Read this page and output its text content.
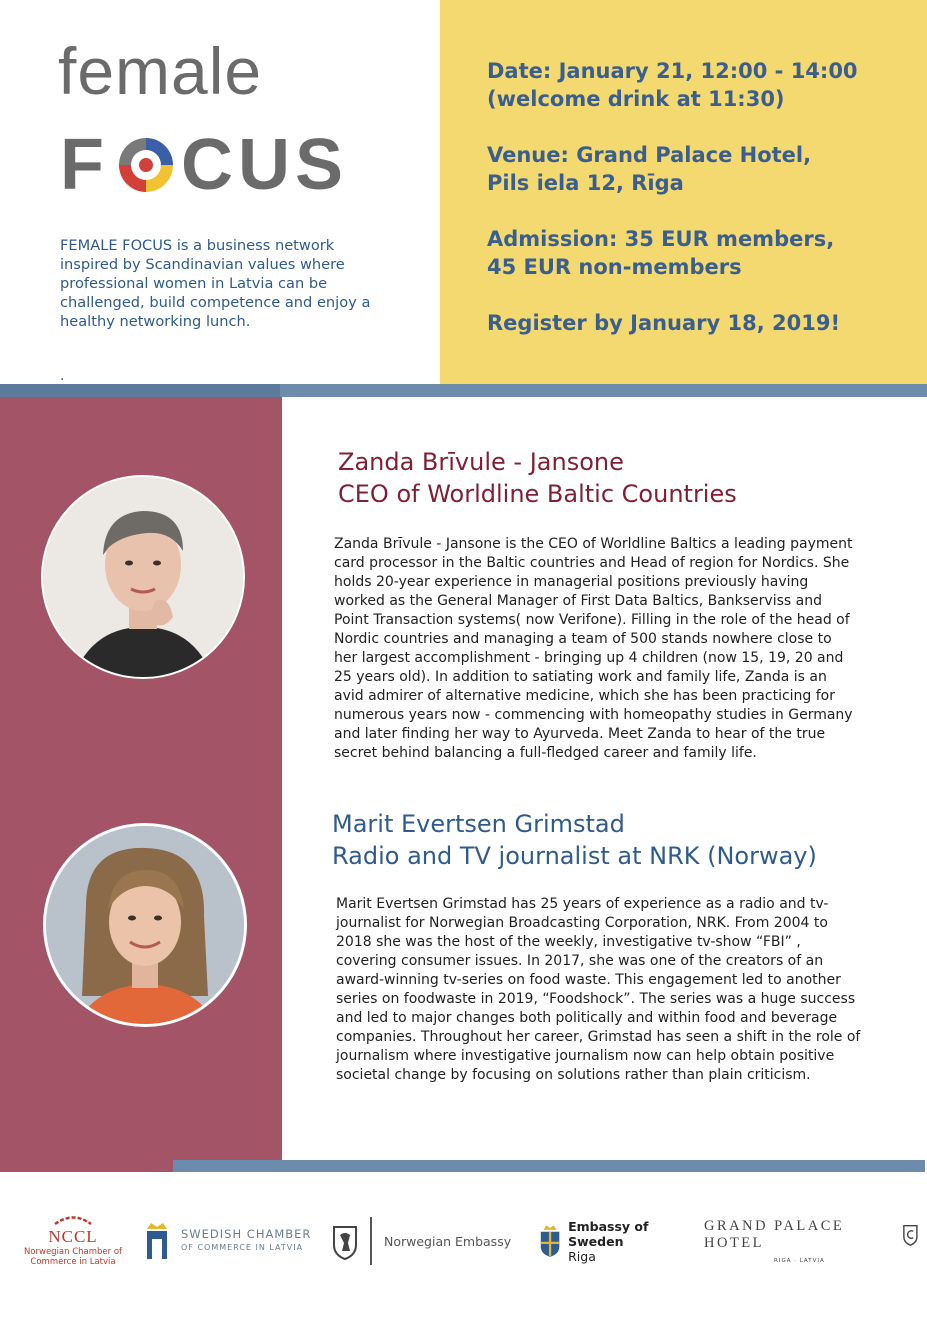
female
F CUS
FEMALE FOCUS is a business network inspired by Scandinavian values where professional women in Latvia can be challenged, build competence and enjoy a healthy networking lunch.
.

Date: January 21, 12:00 - 14:00
(welcome drink at 11:30)

Venue: Grand Palace Hotel,
Pils iela 12, Rīga

Admission: 35 EUR members,
45 EUR non-members

Register by January 18, 2019!

Zanda Brīvule - Jansone
CEO of Worldline Baltic Countries
Zanda Brīvule - Jansone is the CEO of Worldline Baltics a leading payment card processor in the Baltic countries and Head of region for Nordics. She holds 20-year experience in managerial positions previously having worked as the General Manager of First Data Baltics, Bankserviss and Point Transaction systems( now Verifone). Filling in the role of the head of Nordic countries and managing a team of 500 stands nowhere close to her largest accomplishment - bringing up 4 children (now 15, 19, 20 and 25 years old). In addition to satiating work and family life, Zanda is an avid admirer of alternative medicine, which she has been practicing for numerous years now - commencing with homeopathy studies in Germany and later finding her way to Ayurveda. Meet Zanda to hear of the true secret behind balancing a full-fledged career and family life.
Marit Evertsen Grimstad
Radio and TV journalist at NRK (Norway)
Marit Evertsen Grimstad has 25 years of experience as a radio and tv-journalist for Norwegian Broadcasting Corporation, NRK. From 2004 to 2018 she was the host of the weekly, investigative tv-show “FBI” , covering consumer issues. In 2017, she was one of the creators of an award-winning tv-series on food waste. This engagement led to another series on foodwaste in 2019, “Foodshock”. The series was a huge success and led to major changes both politically and within food and beverage companies. Throughout her career, Grimstad has seen a shift in the role of journalism where investigative journalism now can help obtain positive societal change by focusing on solutions rather than plain criticism.
NCCL
Norwegian Chamber of Commerce in Latvia
SWEDISH CHAMBER
OF COMMERCE IN LATVIA	Norwegian Embassy
Embassy of Sweden
Riga
GRAND PALACE HOTEL
RIGA · LATVIA
